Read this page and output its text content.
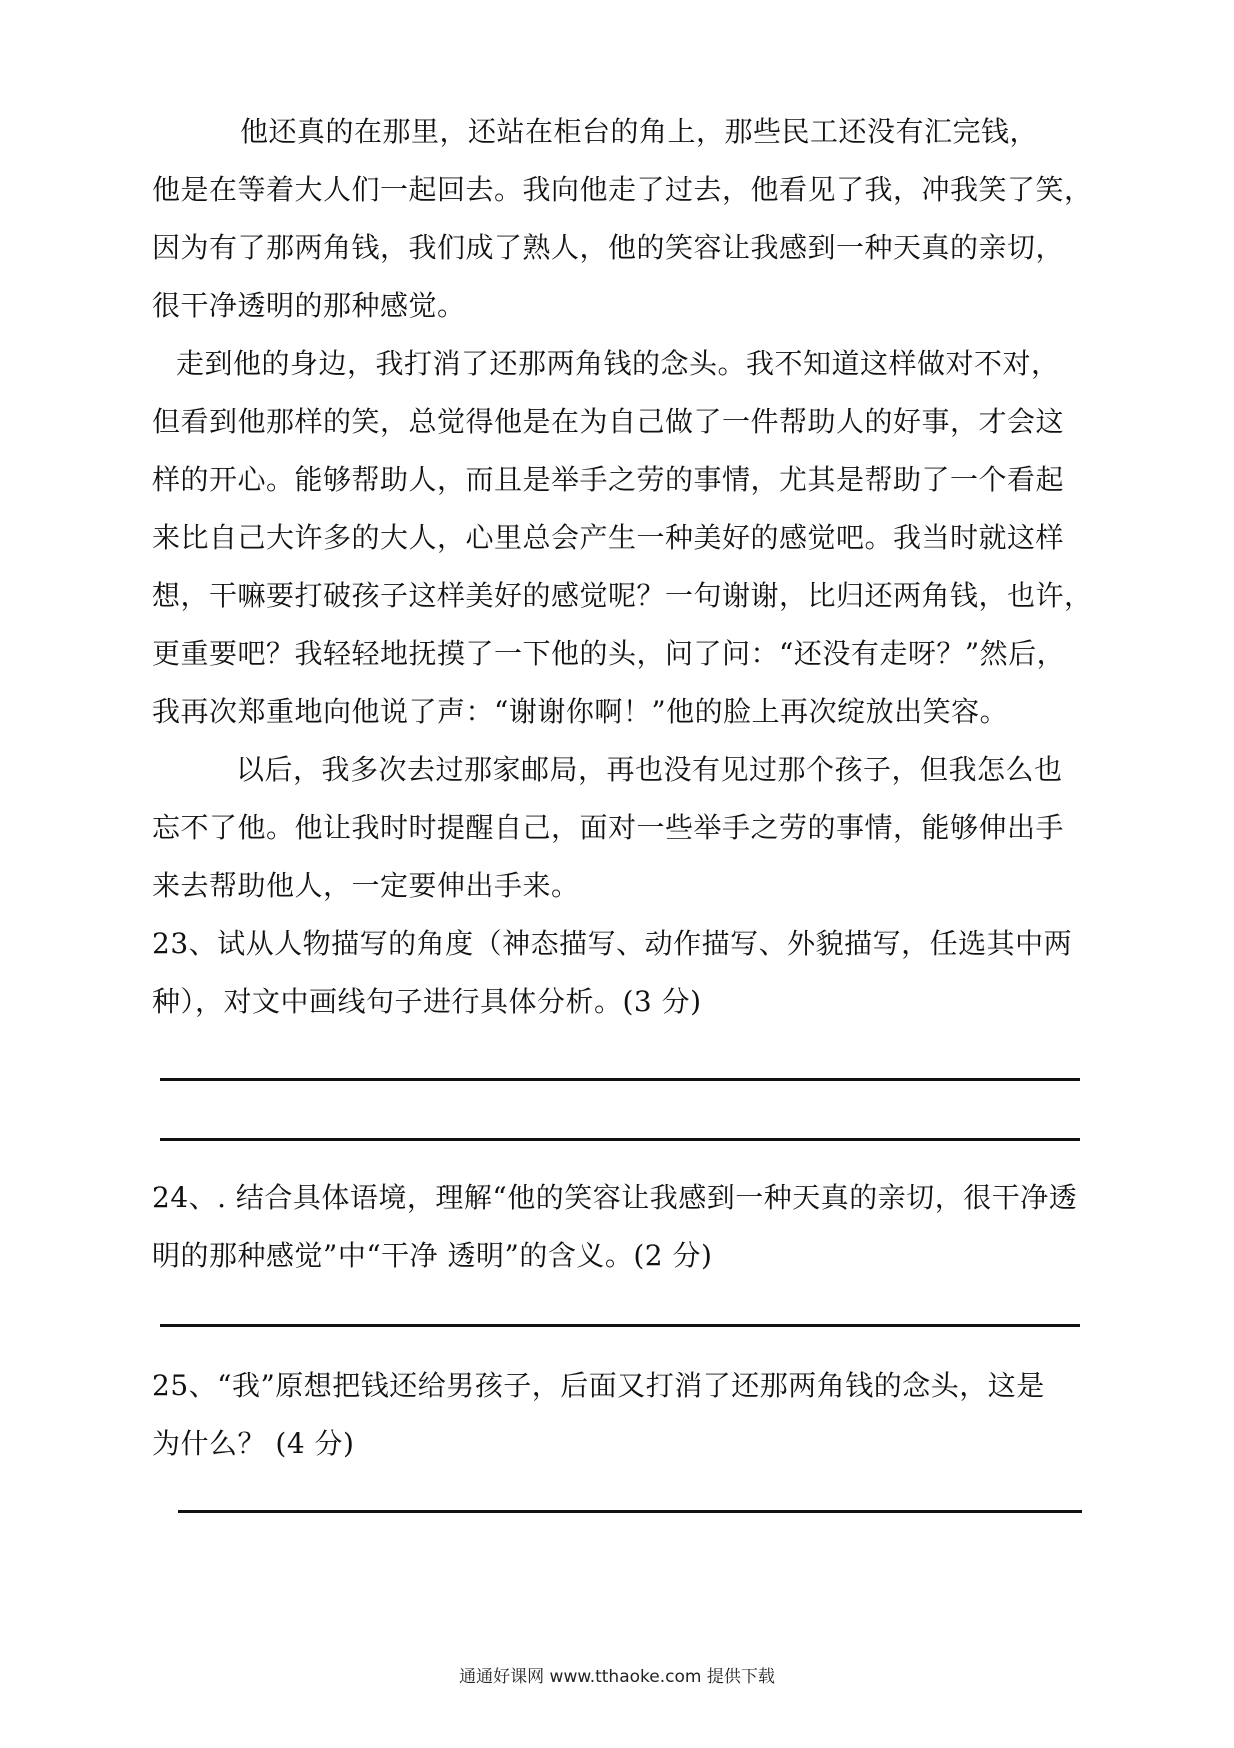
他还真的在那里，还站在柜台的角上，那些民工还没有汇完钱，
他是在等着大人们一起回去。我向他走了过去，他看见了我，冲我笑了笑，
因为有了那两角钱，我们成了熟人，他的笑容让我感到一种天真的亲切，
很干净透明的那种感觉。
走到他的身边，我打消了还那两角钱的念头。我不知道这样做对不对，
但看到他那样的笑，总觉得他是在为自己做了一件帮助人的好事，才会这
样的开心。能够帮助人，而且是举手之劳的事情，尤其是帮助了一个看起
来比自己大许多的大人，心里总会产生一种美好的感觉吧。我当时就这样
想，干嘛要打破孩子这样美好的感觉呢？一句谢谢，比归还两角钱，也许，
更重要吧？我轻轻地抚摸了一下他的头，问了问：“还没有走呀？”然后，
我再次郑重地向他说了声：“谢谢你啊！”他的脸上再次绽放出笑容。
以后，我多次去过那家邮局，再也没有见过那个孩子，但我怎么也
忘不了他。他让我时时提醒自己，面对一些举手之劳的事情，能够伸出手
来去帮助他人，一定要伸出手来。
23、试从人物描写的角度（神态描写、动作描写、外貌描写，任选其中两
种），对文中画线句子进行具体分析。(3 分)
24、. 结合具体语境，理解“他的笑容让我感到一种天真的亲切，很干净透
明的那种感觉”中“干净 透明”的含义。(2 分)
25、“我”原想把钱还给男孩子，后面又打消了还那两角钱的念头，这是
为什么？ (4 分)
通通好课网 www.tthaoke.com 提供下载
